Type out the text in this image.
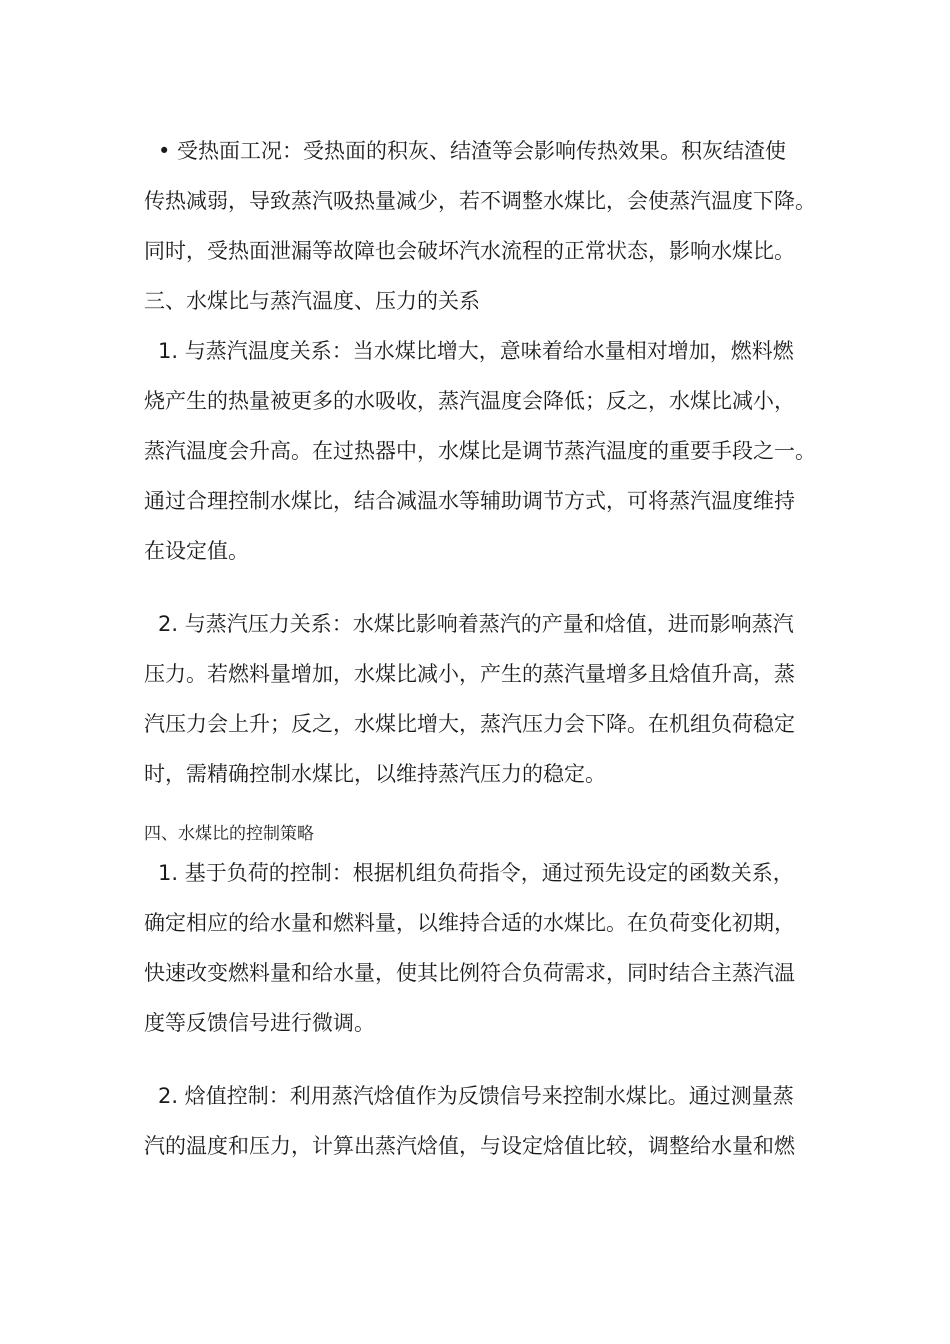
• 受热面工况：受热面的积灰、结渣等会影响传热效果。积灰结渣使
传热减弱，导致蒸汽吸热量减少，若不调整水煤比，会使蒸汽温度下降。
同时，受热面泄漏等故障也会破坏汽水流程的正常状态，影响水煤比。
三、水煤比与蒸汽温度、压力的关系
1. 与蒸汽温度关系：当水煤比增大，意味着给水量相对增加，燃料燃
烧产生的热量被更多的水吸收，蒸汽温度会降低；反之，水煤比减小，
蒸汽温度会升高。在过热器中，水煤比是调节蒸汽温度的重要手段之一。
通过合理控制水煤比，结合减温水等辅助调节方式，可将蒸汽温度维持
在设定值。
2. 与蒸汽压力关系：水煤比影响着蒸汽的产量和焓值，进而影响蒸汽
压力。若燃料量增加，水煤比减小，产生的蒸汽量增多且焓值升高，蒸
汽压力会上升；反之，水煤比增大，蒸汽压力会下降。在机组负荷稳定
时，需精确控制水煤比，以维持蒸汽压力的稳定。
四、水煤比的控制策略
1. 基于负荷的控制：根据机组负荷指令，通过预先设定的函数关系，
确定相应的给水量和燃料量，以维持合适的水煤比。在负荷变化初期，
快速改变燃料量和给水量，使其比例符合负荷需求，同时结合主蒸汽温
度等反馈信号进行微调。
2. 焓值控制：利用蒸汽焓值作为反馈信号来控制水煤比。通过测量蒸
汽的温度和压力，计算出蒸汽焓值，与设定焓值比较，调整给水量和燃
